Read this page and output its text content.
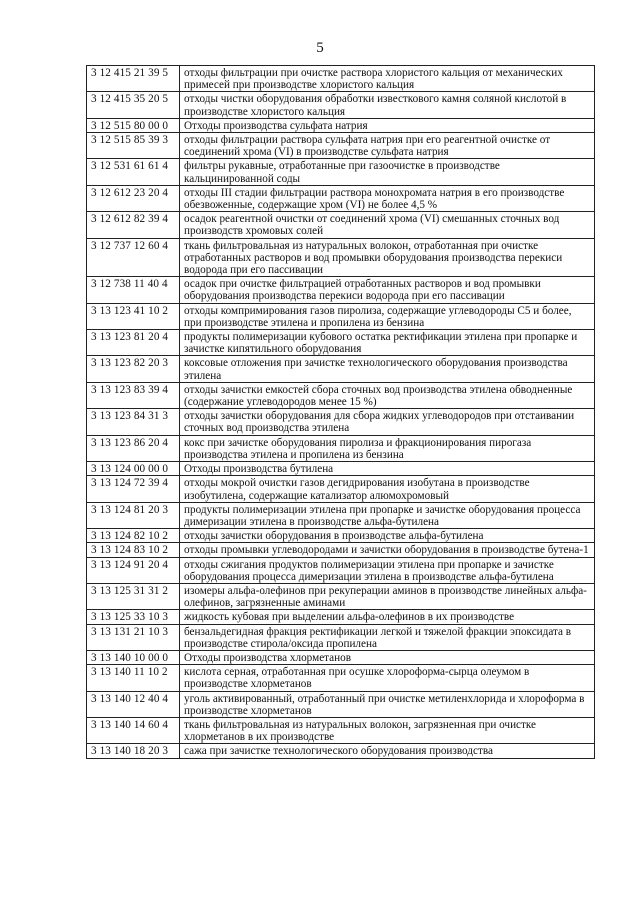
5
3 12 415 21 39 5	отходы фильтрации при очистке раствора хлористого кальция от механических примесей при производстве хлористого кальция
3 12 415 35 20 5	отходы чистки оборудования обработки известкового камня соляной кислотой в производстве хлористого кальция
3 12 515 80 00 0	Отходы производства сульфата натрия
3 12 515 85 39 3	отходы фильтрации раствора сульфата натрия при его реагентной очистке от соединений хрома (VI) в производстве сульфата натрия
3 12 531 61 61 4	фильтры рукавные, отработанные при газоочистке в производстве кальцинированной соды
3 12 612 23 20 4	отходы III стадии фильтрации раствора монохромата натрия в его производстве обезвоженные, содержащие хром (VI) не более 4,5 %
3 12 612 82 39 4	осадок реагентной очистки от соединений хрома (VI) смешанных сточных вод производств хромовых солей
3 12 737 12 60 4	ткань фильтровальная из натуральных волокон, отработанная при очистке отработанных растворов и вод промывки оборудования производства перекиси водорода при его пассивации
3 12 738 11 40 4	осадок при очистке фильтрацией отработанных растворов и вод промывки оборудования производства перекиси водорода при его пассивации
3 13 123 41 10 2	отходы компримирования газов пиролиза, содержащие углеводороды С5 и более, при производстве этилена и пропилена из бензина
3 13 123 81 20 4	продукты полимеризации кубового остатка ректификации этилена при пропарке и зачистке кипятильного оборудования
3 13 123 82 20 3	коксовые отложения при зачистке технологического оборудования производства этилена
3 13 123 83 39 4	отходы зачистки емкостей сбора сточных вод производства этилена обводненные (содержание углеводородов менее 15 %)
3 13 123 84 31 3	отходы зачистки оборудования для сбора жидких углеводородов при отстаивании сточных вод производства этилена
3 13 123 86 20 4	кокс при зачистке оборудования пиролиза и фракционирования пирогаза производства этилена и пропилена из бензина
3 13 124 00 00 0	Отходы производства бутилена
3 13 124 72 39 4	отходы мокрой очистки газов дегидрирования изобутана в производстве изобутилена, содержащие катализатор алюмохромовый
3 13 124 81 20 3	продукты полимеризации этилена при пропарке и зачистке оборудования процесса димеризации этилена в производстве альфа-бутилена
3 13 124 82 10 2	отходы зачистки оборудования в производстве альфа-бутилена
3 13 124 83 10 2	отходы промывки углеводородами и зачистки оборудования в производстве бутена-1
3 13 124 91 20 4	отходы сжигания продуктов полимеризации этилена при пропарке и зачистке оборудования процесса димеризации этилена в производстве альфа-бутилена
3 13 125 31 31 2	изомеры альфа-олефинов при рекуперации аминов в производстве линейных альфа-олефинов, загрязненные аминами
3 13 125 33 10 3	жидкость кубовая при выделении альфа-олефинов в их производстве
3 13 131 21 10 3	бензальдегидная фракция ректификации легкой и тяжелой фракции эпоксидата в производстве стирола/оксида пропилена
3 13 140 10 00 0	Отходы производства хлорметанов
3 13 140 11 10 2	кислота серная, отработанная при осушке хлороформа-сырца олеумом в производстве хлорметанов
3 13 140 12 40 4	уголь активированный, отработанный при очистке метиленхлорида и хлороформа в производстве хлорметанов
3 13 140 14 60 4	ткань фильтровальная из натуральных волокон, загрязненная при очистке хлорметанов в их производстве
3 13 140 18 20 3	сажа при зачистке технологического оборудования производства
